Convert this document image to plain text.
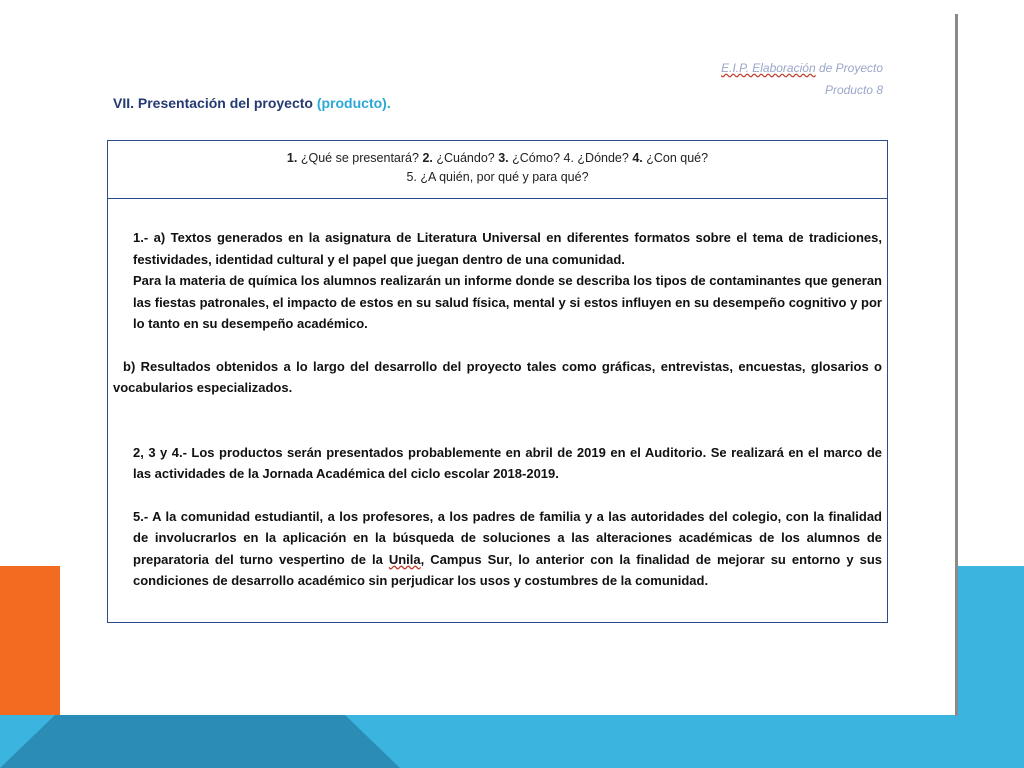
E.I.P. Elaboración de Proyecto
Producto 8
VII. Presentación del proyecto (producto).
1. ¿Qué se presentará? 2. ¿Cuándo? 3. ¿Cómo? 4. ¿Dónde? 4. ¿Con qué?
5. ¿A quién, por qué y para qué?

1.- a) Textos generados en la asignatura de Literatura Universal en diferentes formatos sobre el tema de tradiciones, festividades, identidad cultural y el papel que juegan dentro de una comunidad.

Para la materia de química los alumnos realizarán un informe donde se describa los tipos de contaminantes que generan las fiestas patronales, el impacto de estos en su salud física, mental y si estos influyen en su desempeño cognitivo y por lo tanto en su desempeño académico.

b) Resultados obtenidos a lo largo del desarrollo del proyecto tales como gráficas, entrevistas, encuestas, glosarios o vocabularios especializados.

2, 3 y 4.- Los productos serán presentados probablemente en abril de 2019 en el Auditorio. Se realizará en el marco de las actividades de la Jornada Académica del ciclo escolar 2018-2019.

5.- A la comunidad estudiantil, a los profesores, a los padres de familia y a las autoridades del colegio, con la finalidad de involucrarlos en la aplicación en la búsqueda de soluciones a las alteraciones académicas de los alumnos de preparatoria del turno vespertino de la Unila, Campus Sur, lo anterior con la finalidad de mejorar su entorno y sus condiciones de desarrollo académico sin perjudicar los usos y costumbres de la comunidad.
